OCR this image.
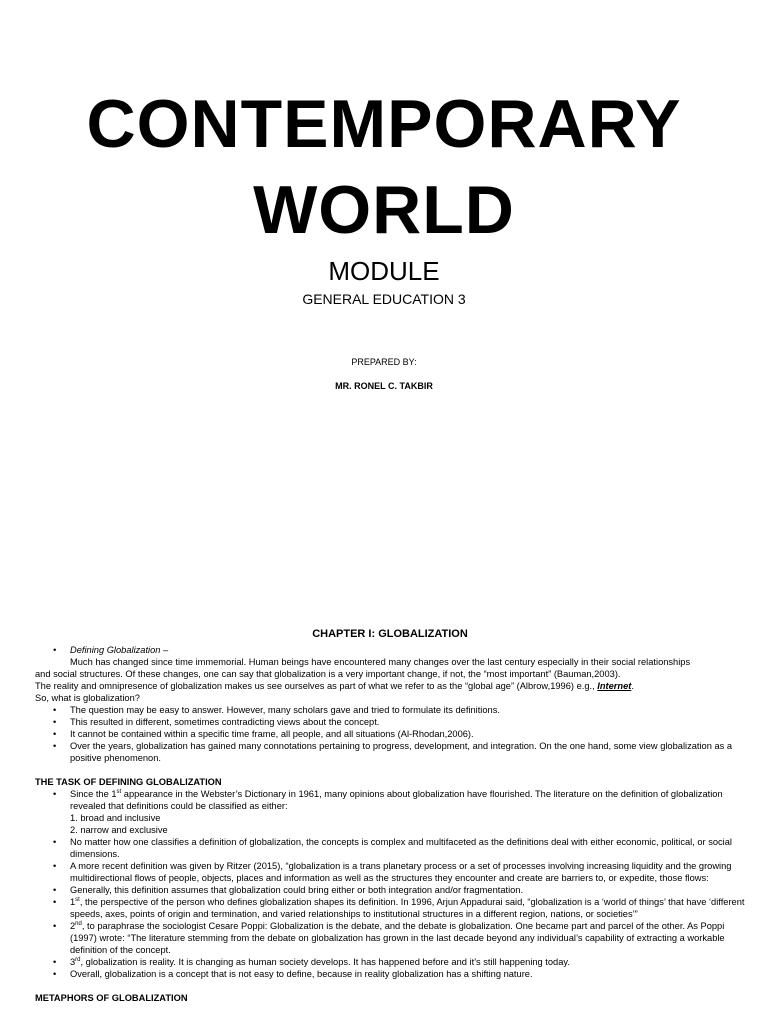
CONTEMPORARY
WORLD
MODULE
GENERAL EDUCATION 3
PREPARED BY:
MR. RONEL C. TAKBIR
CHAPTER I: GLOBALIZATION
• Defining Globalization –
Much has changed since time immemorial. Human beings have encountered many changes over the last century especially in their social relationships
and social structures. Of these changes, one can say that globalization is a very important change, if not, the “most important” (Bauman,2003).
The reality and omnipresence of globalization makes us see ourselves as part of what we refer to as the “global age” (Albrow,1996) e.g., Internet.
So, what is globalization?
• The question may be easy to answer. However, many scholars gave and tried to formulate its definitions.
• This resulted in different, sometimes contradicting views about the concept.
• It cannot be contained within a specific time frame, all people, and all situations (Al-Rhodan,2006).
• Over the years, globalization has gained many connotations pertaining to progress, development, and integration. On the one hand, some view globalization as a positive phenomenon.
THE TASK OF DEFINING GLOBALIZATION
• Since the 1st appearance in the Webster’s Dictionary in 1961, many opinions about globalization have flourished. The literature on the definition of globalization revealed that definitions could be classified as either:
1. broad and inclusive
2. narrow and exclusive
• No matter how one classifies a definition of globalization, the concepts is complex and multifaceted as the definitions deal with either economic, political, or social dimensions.
• A more recent definition was given by Ritzer (2015), “globalization is a trans planetary process or a set of processes involving increasing liquidity and the growing multidirectional flows of people, objects, places and information as well as the structures they encounter and create are barriers to, or expedite, those flows:
• Generally, this definition assumes that globalization could bring either or both integration and/or fragmentation.
• 1st, the perspective of the person who defines globalization shapes its definition. In 1996, Arjun Appadurai said, “globalization is a ‘world of things’ that have ‘different speeds, axes, points of origin and termination, and varied relationships to institutional structures in a different region, nations, or societies’”
• 2nd, to paraphrase the sociologist Cesare Poppi: Globalization is the debate, and the debate is globalization. One became part and parcel of the other. As Poppi (1997) wrote: “The literature stemming from the debate on globalization has grown in the last decade beyond any individual’s capability of extracting a workable definition of the concept.
• 3rd, globalization is reality. It is changing as human society develops. It has happened before and it’s still happening today.
• Overall, globalization is a concept that is not easy to define, because in reality globalization has a shifting nature.
METAPHORS OF GLOBALIZATION
